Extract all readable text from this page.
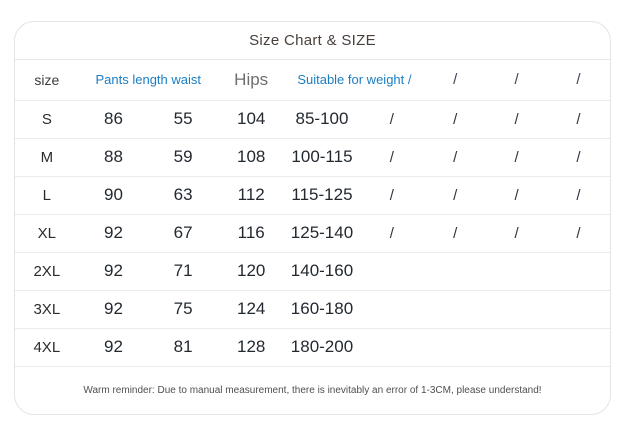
Size Chart & SIZE
size	Pants length waist		Hips	Suitable for weight /		/	/	/
S	86	55	104	85-100	/	/	/	/
M	88	59	108	100-115	/	/	/	/
L	90	63	112	115-125	/	/	/	/
XL	92	67	116	125-140	/	/	/	/
2XL	92	71	120	140-160				
3XL	92	75	124	160-180				
4XL	92	81	128	180-200				
Warm reminder: Due to manual measurement, there is inevitably an error of 1-3CM, please understand!
